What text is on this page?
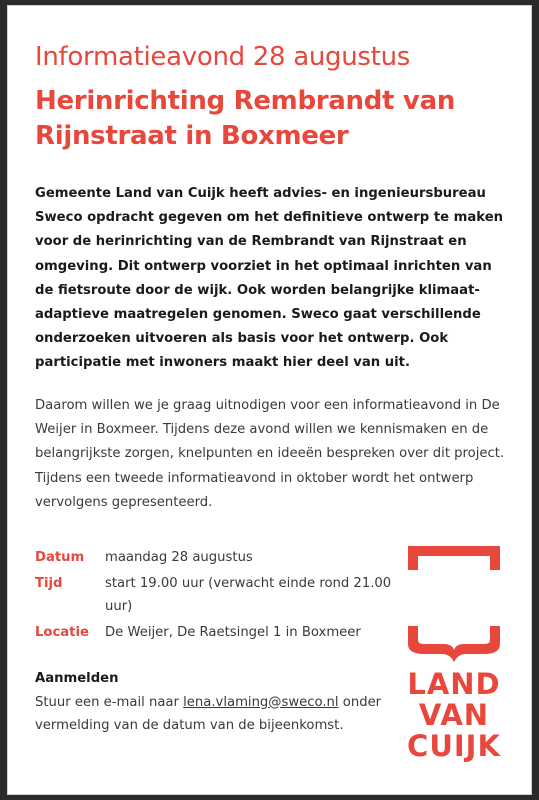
Informatieavond 28 augustus
Herinrichting Rembrandt van Rijnstraat in Boxmeer
Gemeente Land van Cuijk heeft advies- en ingenieursbureau Sweco opdracht gegeven om het definitieve ontwerp te maken voor de herinrichting van de Rembrandt van Rijnstraat en omgeving. Dit ontwerp voorziet in het optimaal inrichten van de fietsroute door de wijk. Ook worden belangrijke klimaat-adaptieve maatregelen genomen. Sweco gaat verschillende onderzoeken uitvoeren als basis voor het ontwerp. Ook participatie met inwoners maakt hier deel van uit.
Daarom willen we je graag uitnodigen voor een informatieavond in De Weijer in Boxmeer. Tijdens deze avond willen we kennismaken en de belangrijkste zorgen, knelpunten en ideeën bespreken over dit project. Tijdens een tweede informatieavond in oktober wordt het ontwerp vervolgens gepresenteerd.
Datum	maandag 28 augustus
Tijd	start 19.00 uur (verwacht einde rond 21.00 uur)
Locatie	De Weijer, De Raetsingel 1 in Boxmeer
Aanmelden
Stuur een e-mail naar lena.vlaming@sweco.nl onder vermelding van de datum van de bijeenkomst.
LAND
VAN
CUIJK
